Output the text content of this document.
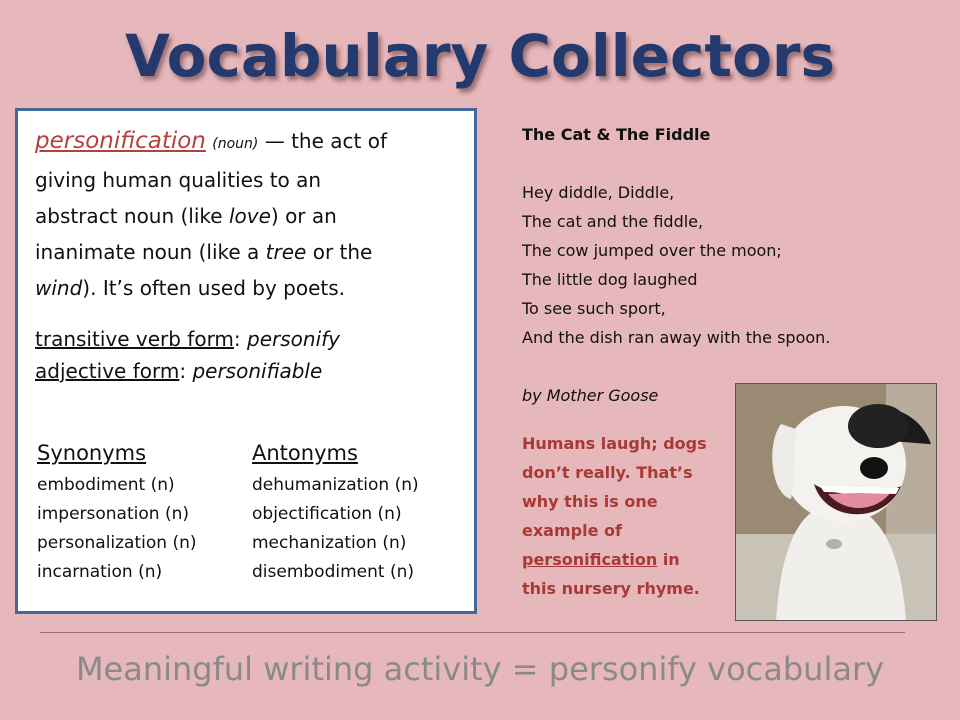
Vocabulary Collectors
personification (noun) — the act of
giving human qualities to an
abstract noun (like love) or an
inanimate noun (like a tree or the
wind). It’s often used by poets.
transitive verb form: personify
adjective form: personifiable
Synonyms
embodiment (n)
impersonation (n)
personalization (n)
incarnation (n)
Antonyms
dehumanization (n)
objectification (n)
mechanization (n)
disembodiment (n)
The Cat & The Fiddle
Hey diddle, Diddle,
The cat and the fiddle,
The cow jumped over the moon;
The little dog laughed
To see such sport,
And the dish ran away with the spoon.
by Mother Goose
Humans laugh; dogs
don’t really. That’s
why this is one
example of
personification in
this nursery rhyme.
Meaningful writing activity = personify vocabulary
